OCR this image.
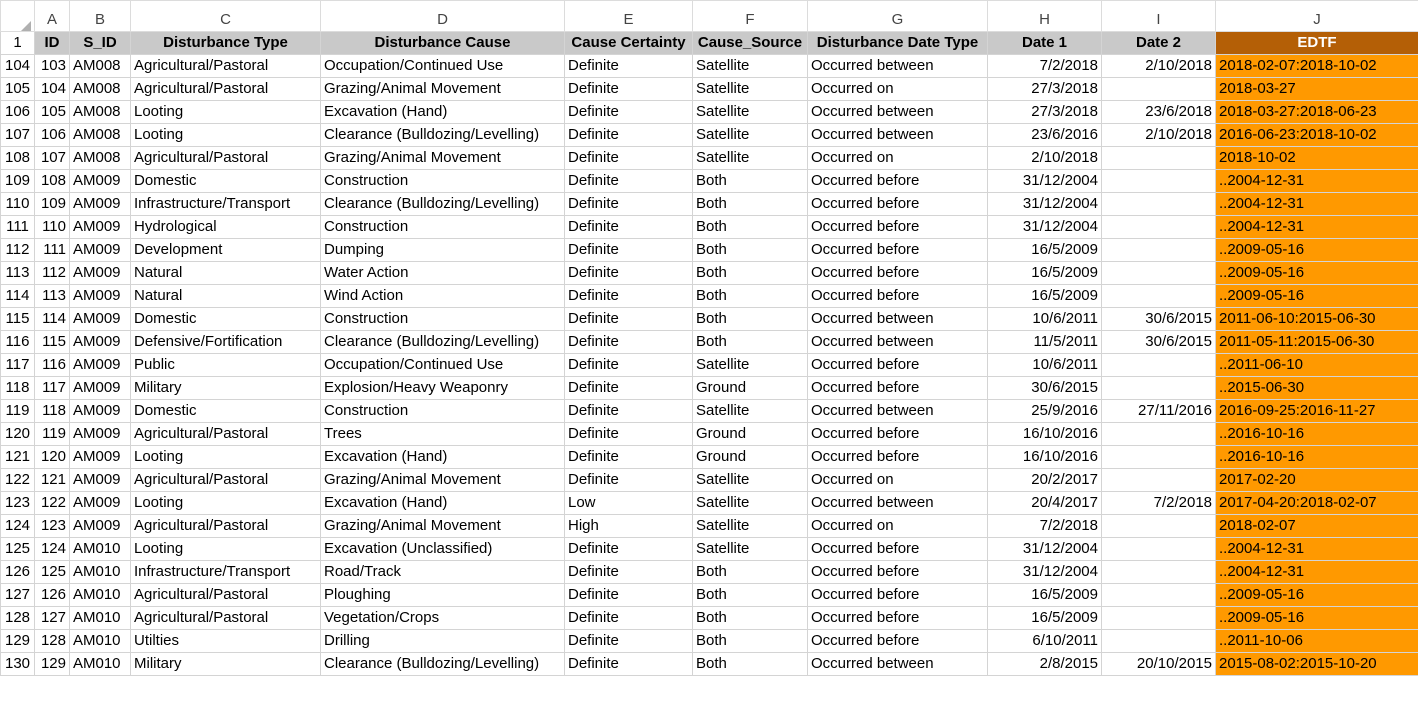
	A	B	C	D	E	F	G	H	I	J
1	ID	S_ID	Disturbance Type	Disturbance Cause	Cause Certainty	Cause_Source	Disturbance Date Type	Date 1	Date 2	EDTF
104	103	AM008	Agricultural/Pastoral	Occupation/Continued Use	Definite	Satellite	Occurred between	7/2/2018	2/10/2018	2018-02-07:2018-10-02
105	104	AM008	Agricultural/Pastoral	Grazing/Animal Movement	Definite	Satellite	Occurred on	27/3/2018		2018-03-27
106	105	AM008	Looting	Excavation (Hand)	Definite	Satellite	Occurred between	27/3/2018	23/6/2018	2018-03-27:2018-06-23
107	106	AM008	Looting	Clearance (Bulldozing/Levelling)	Definite	Satellite	Occurred between	23/6/2016	2/10/2018	2016-06-23:2018-10-02
108	107	AM008	Agricultural/Pastoral	Grazing/Animal Movement	Definite	Satellite	Occurred on	2/10/2018		2018-10-02
109	108	AM009	Domestic	Construction	Definite	Both	Occurred before	31/12/2004		..2004-12-31
110	109	AM009	Infrastructure/Transport	Clearance (Bulldozing/Levelling)	Definite	Both	Occurred before	31/12/2004		..2004-12-31
111	110	AM009	Hydrological	Construction	Definite	Both	Occurred before	31/12/2004		..2004-12-31
112	111	AM009	Development	Dumping	Definite	Both	Occurred before	16/5/2009		..2009-05-16
113	112	AM009	Natural	Water Action	Definite	Both	Occurred before	16/5/2009		..2009-05-16
114	113	AM009	Natural	Wind Action	Definite	Both	Occurred before	16/5/2009		..2009-05-16
115	114	AM009	Domestic	Construction	Definite	Both	Occurred between	10/6/2011	30/6/2015	2011-06-10:2015-06-30
116	115	AM009	Defensive/Fortification	Clearance (Bulldozing/Levelling)	Definite	Both	Occurred between	11/5/2011	30/6/2015	2011-05-11:2015-06-30
117	116	AM009	Public	Occupation/Continued Use	Definite	Satellite	Occurred before	10/6/2011		..2011-06-10
118	117	AM009	Military	Explosion/Heavy Weaponry	Definite	Ground	Occurred before	30/6/2015		..2015-06-30
119	118	AM009	Domestic	Construction	Definite	Satellite	Occurred between	25/9/2016	27/11/2016	2016-09-25:2016-11-27
120	119	AM009	Agricultural/Pastoral	Trees	Definite	Ground	Occurred before	16/10/2016		..2016-10-16
121	120	AM009	Looting	Excavation (Hand)	Definite	Ground	Occurred before	16/10/2016		..2016-10-16
122	121	AM009	Agricultural/Pastoral	Grazing/Animal Movement	Definite	Satellite	Occurred on	20/2/2017		2017-02-20
123	122	AM009	Looting	Excavation (Hand)	Low	Satellite	Occurred between	20/4/2017	7/2/2018	2017-04-20:2018-02-07
124	123	AM009	Agricultural/Pastoral	Grazing/Animal Movement	High	Satellite	Occurred on	7/2/2018		2018-02-07
125	124	AM010	Looting	Excavation (Unclassified)	Definite	Satellite	Occurred before	31/12/2004		..2004-12-31
126	125	AM010	Infrastructure/Transport	Road/Track	Definite	Both	Occurred before	31/12/2004		..2004-12-31
127	126	AM010	Agricultural/Pastoral	Ploughing	Definite	Both	Occurred before	16/5/2009		..2009-05-16
128	127	AM010	Agricultural/Pastoral	Vegetation/Crops	Definite	Both	Occurred before	16/5/2009		..2009-05-16
129	128	AM010	Utilties	Drilling	Definite	Both	Occurred before	6/10/2011		..2011-10-06
130	129	AM010	Military	Clearance (Bulldozing/Levelling)	Definite	Both	Occurred between	2/8/2015	20/10/2015	2015-08-02:2015-10-20
